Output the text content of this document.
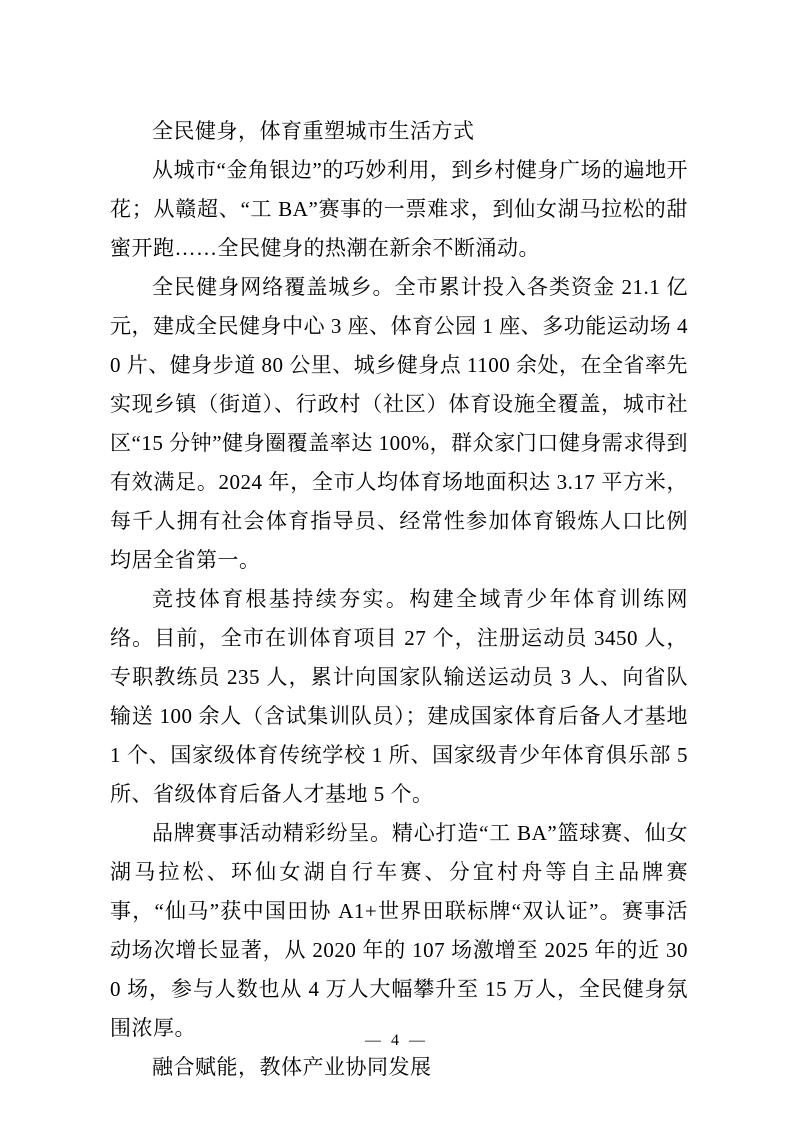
全民健身，体育重塑城市生活方式

从城市“金角银边”的巧妙利用，到乡村健身广场的遍地开花；从赣超、“工 BA”赛事的一票难求，到仙女湖马拉松的甜蜜开跑……全民健身的热潮在新余不断涌动。

全民健身网络覆盖城乡。全市累计投入各类资金 21.1 亿元，建成全民健身中心 3 座、体育公园 1 座、多功能运动场 40 片、健身步道 80 公里、城乡健身点 1100 余处，在全省率先实现乡镇（街道）、行政村（社区）体育设施全覆盖，城市社区“15 分钟”健身圈覆盖率达 100%，群众家门口健身需求得到有效满足。2024 年，全市人均体育场地面积达 3.17 平方米，每千人拥有社会体育指导员、经常性参加体育锻炼人口比例均居全省第一。

竞技体育根基持续夯实。构建全域青少年体育训练网络。目前，全市在训体育项目 27 个，注册运动员 3450 人，专职教练员 235 人，累计向国家队输送运动员 3 人、向省队输送 100 余人（含试集训队员）；建成国家体育后备人才基地 1 个、国家级体育传统学校 1 所、国家级青少年体育俱乐部 5 所、省级体育后备人才基地 5 个。

品牌赛事活动精彩纷呈。精心打造“工 BA”篮球赛、仙女湖马拉松、环仙女湖自行车赛、分宜村舟等自主品牌赛事，“仙马”获中国田协 A1+世界田联标牌“双认证”。赛事活动场次增长显著，从 2020 年的 107 场激增至 2025 年的近 300 场，参与人数也从 4 万人大幅攀升至 15 万人，全民健身氛围浓厚。

融合赋能，教体产业协同发展

— 4 —
